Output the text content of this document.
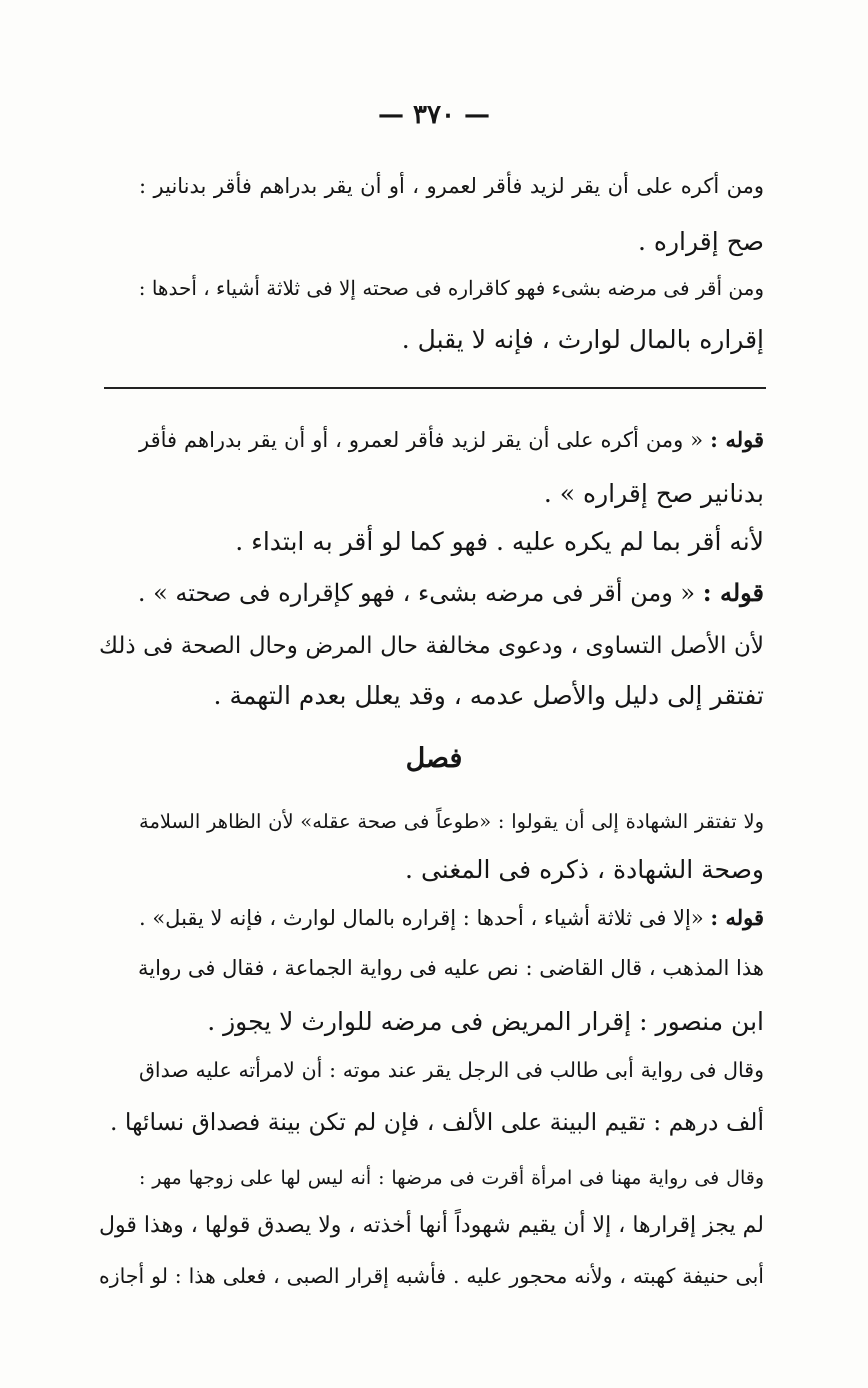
— ٣٧٠ —
ومن أكره على أن يقر لزيد فأقر لعمرو ، أو أن يقر بدراهم فأقر بدنانير :
صح إقراره .
ومن أقر فى مرضه بشىء فهو كاقراره فى صحته إلا فى ثلاثة أشياء ، أحدها :
إقراره بالمال لوارث ، فإنه لا يقبل .
قوله : « ومن أكره على أن يقر لزيد فأقر لعمرو ، أو أن يقر بدراهم فأقر
بدنانير صح إقراره » .
لأنه أقر بما لم يكره عليه . فهو كما لو أقر به ابتداء .
قوله : « ومن أقر فى مرضه بشىء ، فهو كإقراره فى صحته » .
لأن الأصل التساوى ، ودعوى مخالفة حال المرض وحال الصحة فى ذلك
تفتقر إلى دليل والأصل عدمه ، وقد يعلل بعدم التهمة .
فصل
ولا تفتقر الشهادة إلى أن يقولوا : «طوعاً فى صحة عقله» لأن الظاهر السلامة
وصحة الشهادة ، ذكره فى المغنى .
قوله : «إلا فى ثلاثة أشياء ، أحدها : إقراره بالمال لوارث ، فإنه لا يقبل» .
هذا المذهب ، قال القاضى : نص عليه فى رواية الجماعة ، فقال فى رواية
ابن منصور : إقرار المريض فى مرضه للوارث لا يجوز .
وقال فى رواية أبى طالب فى الرجل يقر عند موته : أن لامرأته عليه صداق
ألف درهم : تقيم البينة على الألف ، فإن لم تكن بينة فصداق نسائها .
وقال فى رواية مهنا فى امرأة أقرت فى مرضها : أنه ليس لها على زوجها مهر :
لم يجز إقرارها ، إلا أن يقيم شهوداً أنها أخذته ، ولا يصدق قولها ، وهذا قول
أبى حنيفة كهبته ، ولأنه محجور عليه . فأشبه إقرار الصبى ، فعلى هذا : لو أجازه
